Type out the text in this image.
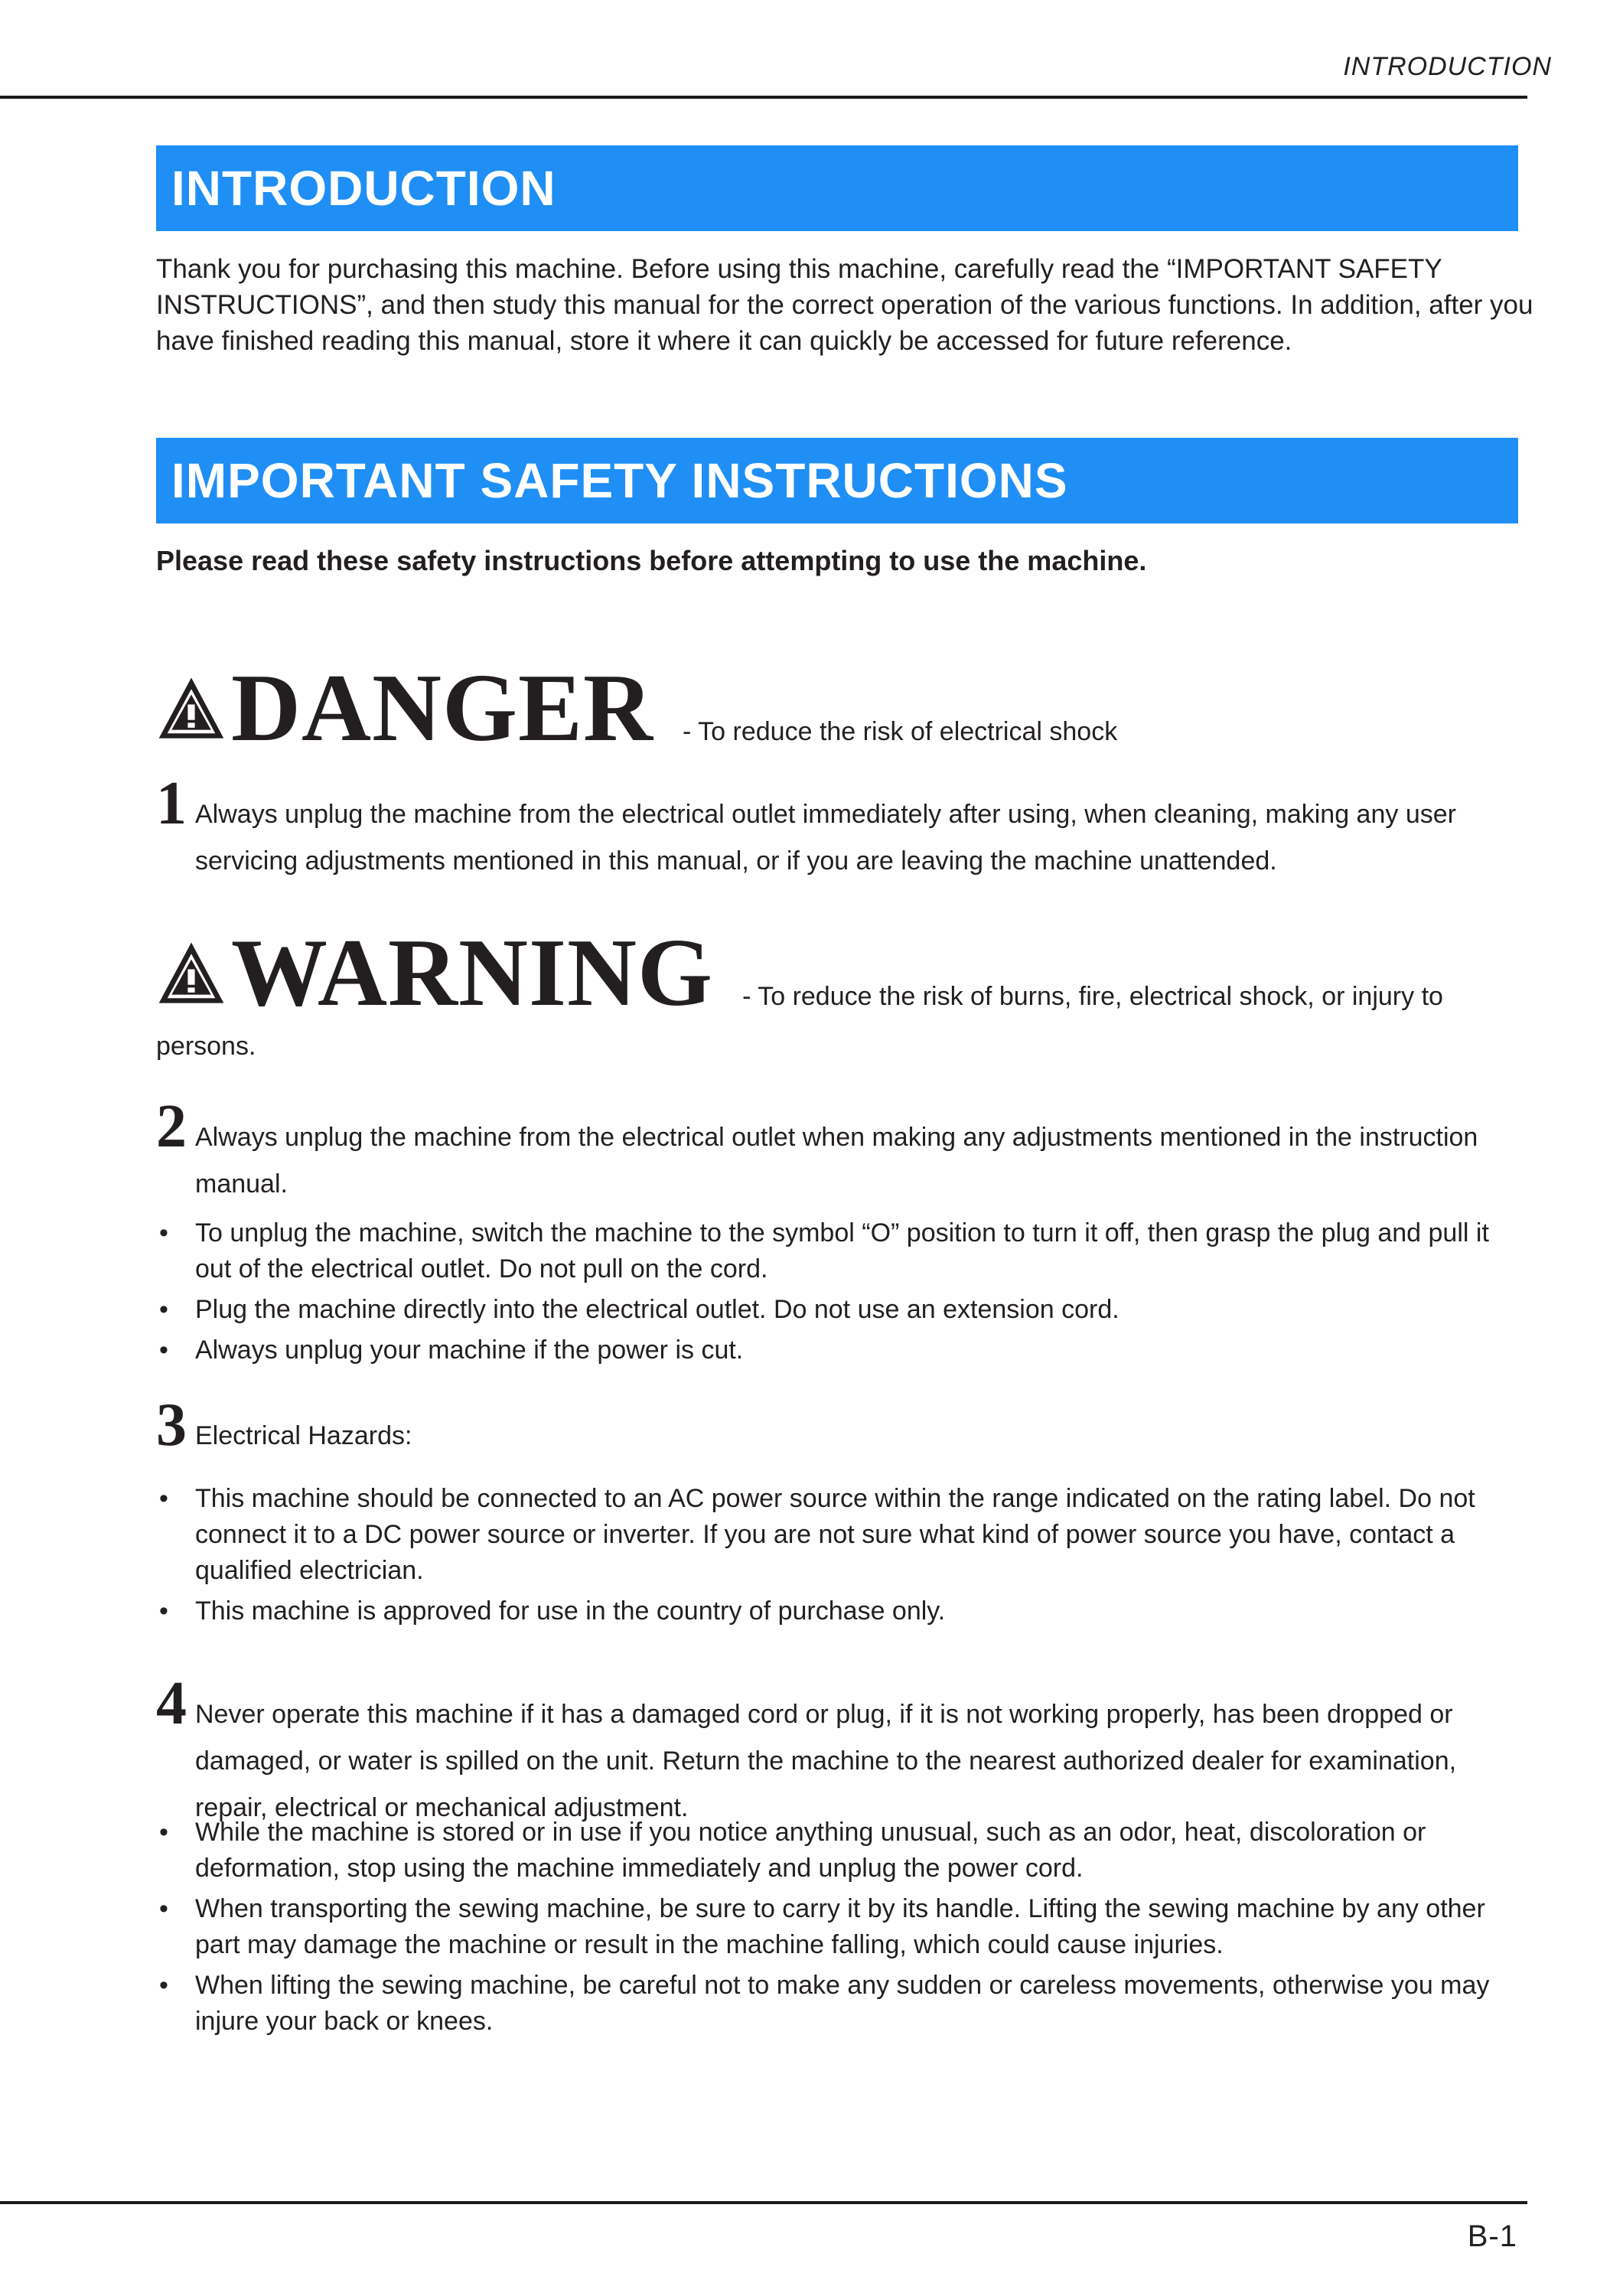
INTRODUCTION
INTRODUCTION
Thank you for purchasing this machine. Before using this machine, carefully read the “IMPORTANT SAFETY INSTRUCTIONS”, and then study this manual for the correct operation of the various functions. In addition, after you have finished reading this manual, store it where it can quickly be accessed for future reference.
IMPORTANT SAFETY INSTRUCTIONS
Please read these safety instructions before attempting to use the machine.
DANGER - To reduce the risk of electrical shock
1 Always unplug the machine from the electrical outlet immediately after using, when cleaning, making any user servicing adjustments mentioned in this manual, or if you are leaving the machine unattended.
WARNING - To reduce the risk of burns, fire, electrical shock, or injury to
persons.
2 Always unplug the machine from the electrical outlet when making any adjustments mentioned in the instruction manual.
• To unplug the machine, switch the machine to the symbol “O” position to turn it off, then grasp the plug and pull it out of the electrical outlet. Do not pull on the cord.
• Plug the machine directly into the electrical outlet. Do not use an extension cord.
• Always unplug your machine if the power is cut.
3 Electrical Hazards:
• This machine should be connected to an AC power source within the range indicated on the rating label. Do not connect it to a DC power source or inverter. If you are not sure what kind of power source you have, contact a qualified electrician.
• This machine is approved for use in the country of purchase only.
4 Never operate this machine if it has a damaged cord or plug, if it is not working properly, has been dropped or damaged, or water is spilled on the unit. Return the machine to the nearest authorized dealer for examination, repair, electrical or mechanical adjustment.
• While the machine is stored or in use if you notice anything unusual, such as an odor, heat, discoloration or deformation, stop using the machine immediately and unplug the power cord.
• When transporting the sewing machine, be sure to carry it by its handle. Lifting the sewing machine by any other part may damage the machine or result in the machine falling, which could cause injuries.
• When lifting the sewing machine, be careful not to make any sudden or careless movements, otherwise you may injure your back or knees.
B-1
